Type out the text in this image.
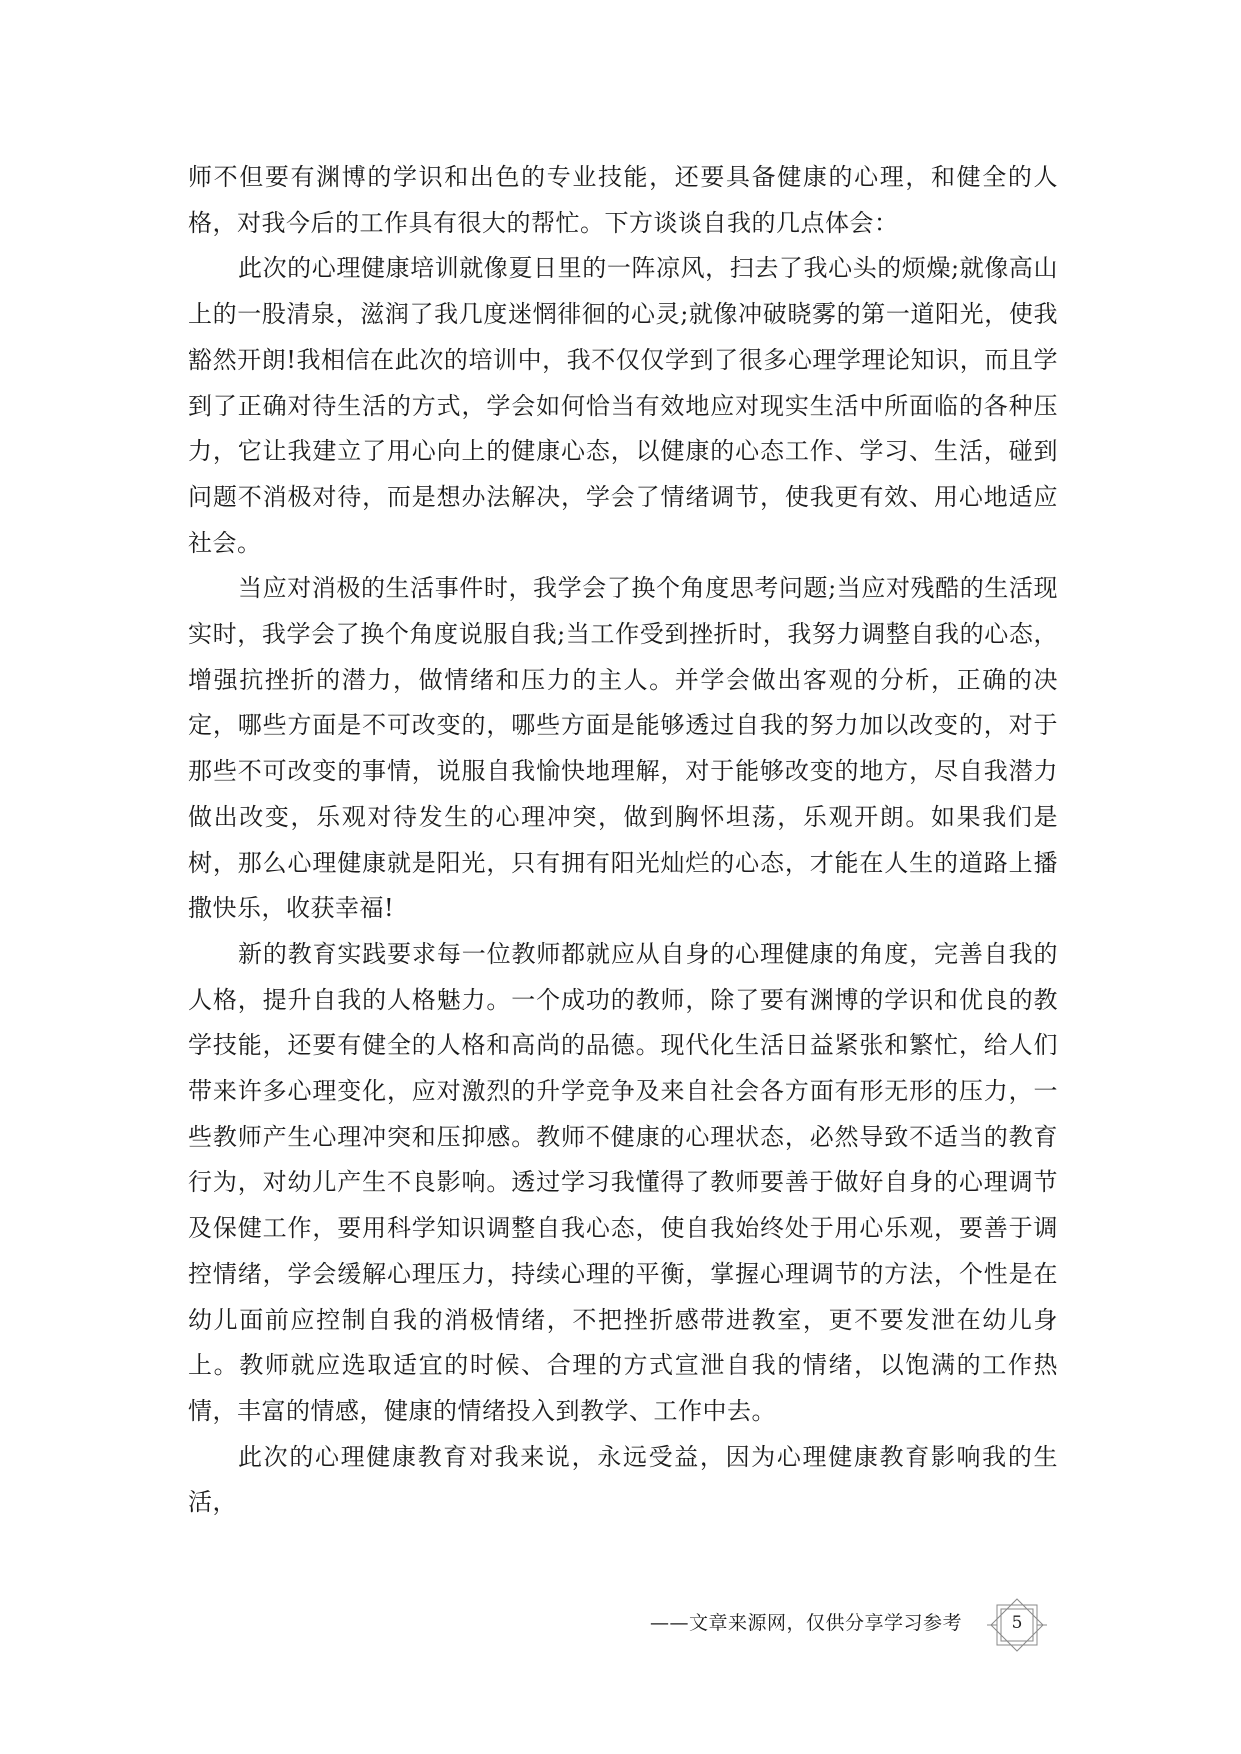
师不但要有渊博的学识和出色的专业技能，还要具备健康的心理，和健全的人格，对我今后的工作具有很大的帮忙。下方谈谈自我的几点体会：

此次的心理健康培训就像夏日里的一阵凉风，扫去了我心头的烦燥;就像高山上的一股清泉，滋润了我几度迷惘徘徊的心灵;就像冲破晓雾的第一道阳光，使我豁然开朗!我相信在此次的培训中，我不仅仅学到了很多心理学理论知识，而且学到了正确对待生活的方式，学会如何恰当有效地应对现实生活中所面临的各种压力，它让我建立了用心向上的健康心态，以健康的心态工作、学习、生活，碰到问题不消极对待，而是想办法解决，学会了情绪调节，使我更有效、用心地适应社会。

当应对消极的生活事件时，我学会了换个角度思考问题;当应对残酷的生活现实时，我学会了换个角度说服自我;当工作受到挫折时，我努力调整自我的心态，增强抗挫折的潜力，做情绪和压力的主人。并学会做出客观的分析，正确的决定，哪些方面是不可改变的，哪些方面是能够透过自我的努力加以改变的，对于那些不可改变的事情，说服自我愉快地理解，对于能够改变的地方，尽自我潜力做出改变，乐观对待发生的心理冲突，做到胸怀坦荡，乐观开朗。如果我们是树，那么心理健康就是阳光，只有拥有阳光灿烂的心态，才能在人生的道路上播撒快乐，收获幸福!

新的教育实践要求每一位教师都就应从自身的心理健康的角度，完善自我的人格，提升自我的人格魅力。一个成功的教师，除了要有渊博的学识和优良的教学技能，还要有健全的人格和高尚的品德。现代化生活日益紧张和繁忙，给人们带来许多心理变化，应对激烈的升学竞争及来自社会各方面有形无形的压力，一些教师产生心理冲突和压抑感。教师不健康的心理状态，必然导致不适当的教育行为，对幼儿产生不良影响。透过学习我懂得了教师要善于做好自身的心理调节及保健工作，要用科学知识调整自我心态，使自我始终处于用心乐观，要善于调控情绪，学会缓解心理压力，持续心理的平衡，掌握心理调节的方法，个性是在幼儿面前应控制自我的消极情绪，不把挫折感带进教室，更不要发泄在幼儿身上。教师就应选取适宜的时候、合理的方式宣泄自我的情绪，以饱满的工作热情，丰富的情感，健康的情绪投入到教学、工作中去。

此次的心理健康教育对我来说，永远受益，因为心理健康教育影响我的生活，

——文章来源网，仅供分享学习参考	5
